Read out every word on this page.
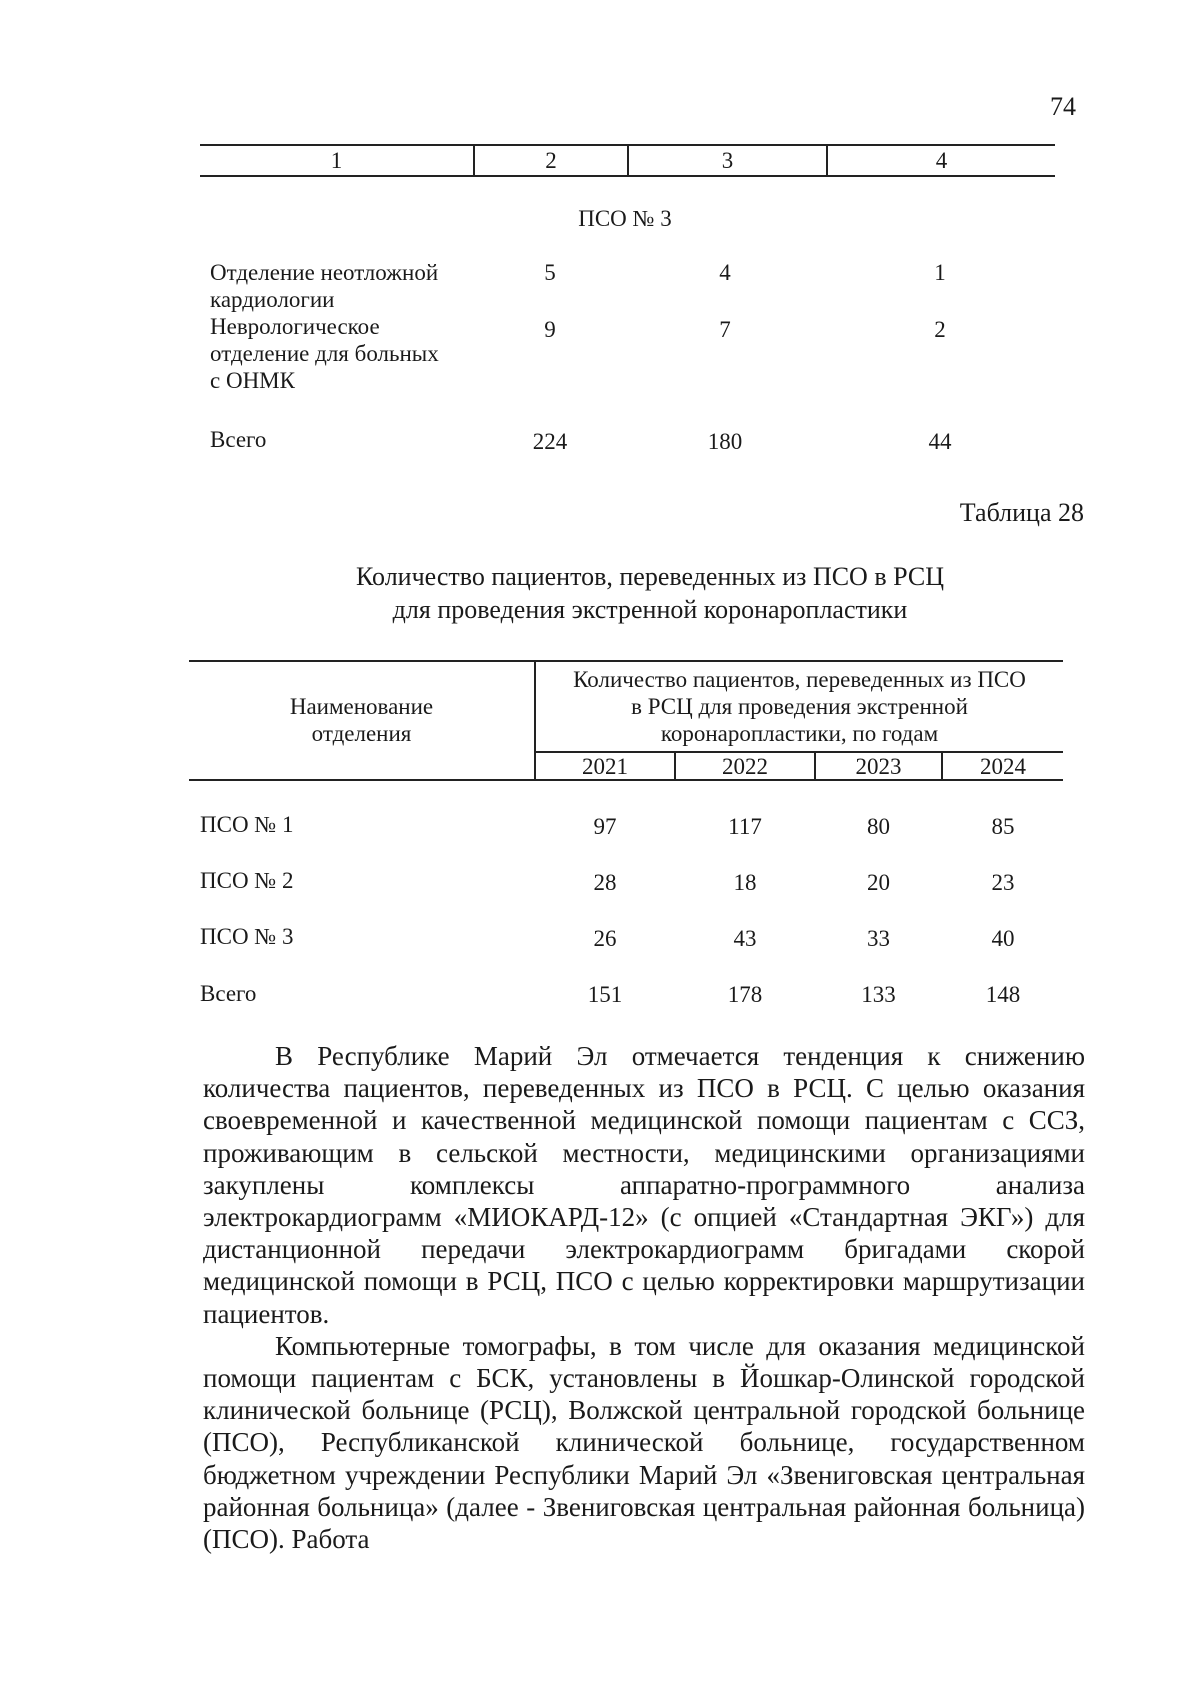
74
1	2	3	4
ПСО № 3
Отделение неотложной
кардиологии
5	4	1
Неврологическое
отделение для больных
с ОНМК
9	7	2
Всего	224	180	44
Таблица 28
Количество пациентов, переведенных из ПСО в РСЦ
для проведения экстренной коронаропластики
Наименование
отделения
Количество пациентов, переведенных из ПСО
в РСЦ для проведения экстренной
коронаропластики, по годам
2021	2022	2023	2024
ПСО № 1	97	117	80	85
ПСО № 2	28	18	20	23
ПСО № 3	26	43	33	40
Всего	151	178	133	148

В Республике Марий Эл отмечается тенденция к снижению количества пациентов, переведенных из ПСО в РСЦ. С целью оказания своевременной и качественной медицинской помощи пациентам с ССЗ, проживающим в сельской местности, медицинскими организациями закуплены комплексы аппаратно-программного анализа электрокардиограмм «МИОКАРД-12» (с опцией «Стандартная ЭКГ») для дистанционной передачи электрокардиограмм бригадами скорой медицинской помощи в РСЦ, ПСО с целью корректировки маршрутизации пациентов.

Компьютерные томографы, в том числе для оказания медицинской помощи пациентам с БСК, установлены в Йошкар-Олинской городской клинической больнице (РСЦ), Волжской центральной городской больнице (ПСО), Республиканской клинической больнице, государственном бюджетном учреждении Республики Марий Эл «Звениговская центральная районная больница» (далее - Звениговская центральная районная больница) (ПСО). Работа
